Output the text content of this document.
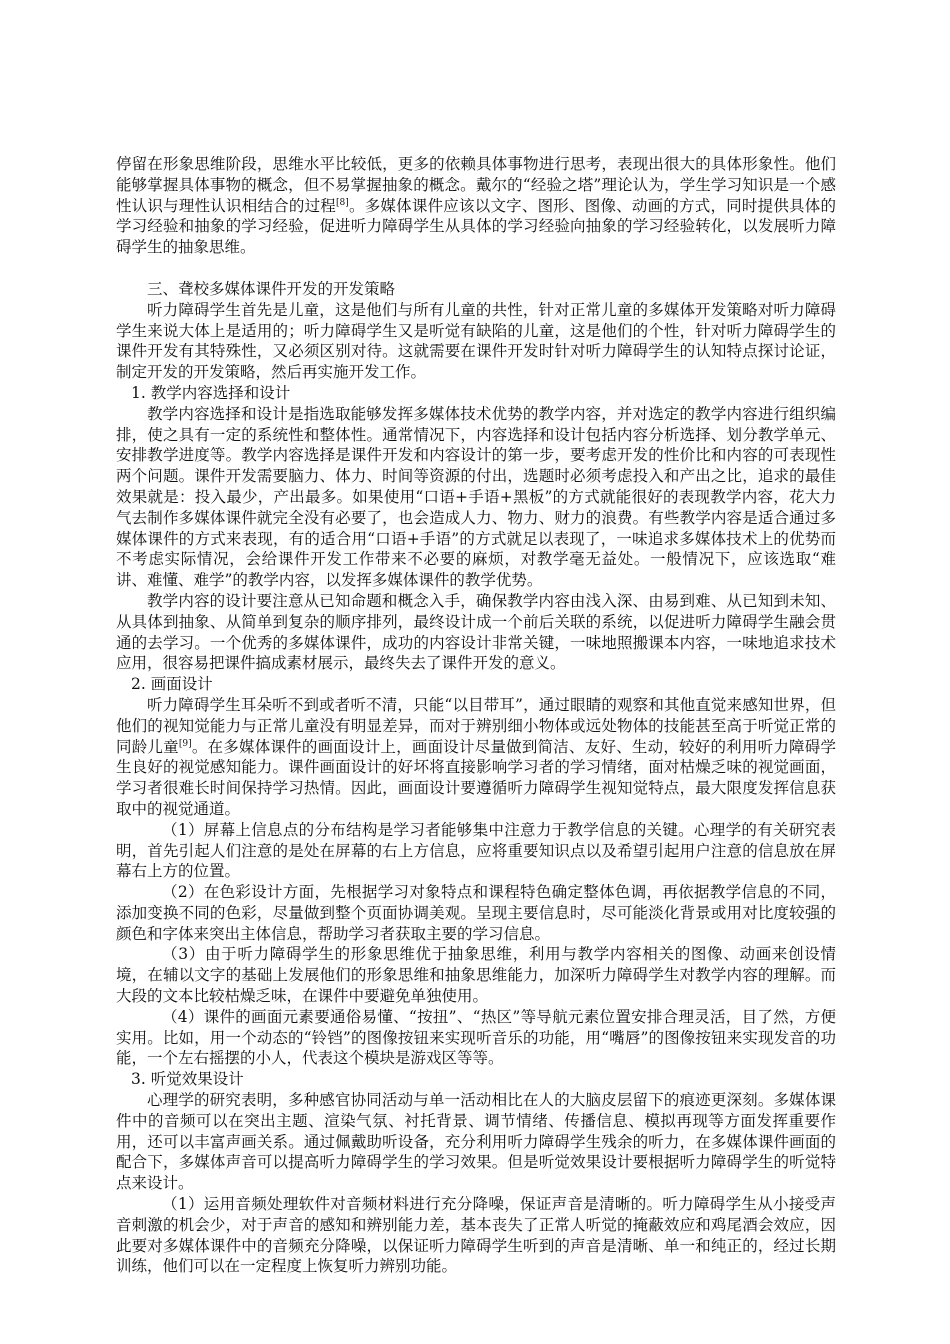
停留在形象思维阶段，思维水平比较低，更多的依赖具体事物进行思考，表现出很大的具体形象性。他们能够掌握具体事物的概念，但不易掌握抽象的概念。戴尔的“经验之塔”理论认为，学生学习知识是一个感性认识与理性认识相结合的过程[8]。多媒体课件应该以文字、图形、图像、动画的方式，同时提供具体的学习经验和抽象的学习经验，促进听力障碍学生从具体的学习经验向抽象的学习经验转化，以发展听力障碍学生的抽象思维。

三、聋校多媒体课件开发的开发策略

听力障碍学生首先是儿童，这是他们与所有儿童的共性，针对正常儿童的多媒体开发策略对听力障碍学生来说大体上是适用的；听力障碍学生又是听觉有缺陷的儿童，这是他们的个性，针对听力障碍学生的课件开发有其特殊性，又必须区别对待。这就需要在课件开发时针对听力障碍学生的认知特点探讨论证，制定开发的开发策略，然后再实施开发工作。

1. 教学内容选择和设计

教学内容选择和设计是指选取能够发挥多媒体技术优势的教学内容，并对选定的教学内容进行组织编排，使之具有一定的系统性和整体性。通常情况下，内容选择和设计包括内容分析选择、划分教学单元、安排教学进度等。教学内容选择是课件开发和内容设计的第一步，要考虑开发的性价比和内容的可表现性两个问题。课件开发需要脑力、体力、时间等资源的付出，选题时必须考虑投入和产出之比，追求的最佳效果就是：投入最少，产出最多。如果使用“口语+手语+黑板”的方式就能很好的表现教学内容，花大力气去制作多媒体课件就完全没有必要了，也会造成人力、物力、财力的浪费。有些教学内容是适合通过多媒体课件的方式来表现，有的适合用“口语+手语”的方式就足以表现了，一味追求多媒体技术上的优势而不考虑实际情况，会给课件开发工作带来不必要的麻烦，对教学毫无益处。一般情况下，应该选取“难讲、难懂、难学”的教学内容，以发挥多媒体课件的教学优势。

教学内容的设计要注意从已知命题和概念入手，确保教学内容由浅入深、由易到难、从已知到未知、从具体到抽象、从简单到复杂的顺序排列，最终设计成一个前后关联的系统，以促进听力障碍学生融会贯通的去学习。一个优秀的多媒体课件，成功的内容设计非常关键，一味地照搬课本内容，一味地追求技术应用，很容易把课件搞成素材展示，最终失去了课件开发的意义。

2. 画面设计

听力障碍学生耳朵听不到或者听不清，只能“以目带耳”，通过眼睛的观察和其他直觉来感知世界，但他们的视知觉能力与正常儿童没有明显差异，而对于辨别细小物体或远处物体的技能甚至高于听觉正常的同龄儿童[9]。在多媒体课件的画面设计上，画面设计尽量做到简洁、友好、生动，较好的利用听力障碍学生良好的视觉感知能力。课件画面设计的好坏将直接影响学习者的学习情绪，面对枯燥乏味的视觉画面，学习者很难长时间保持学习热情。因此，画面设计要遵循听力障碍学生视知觉特点，最大限度发挥信息获取中的视觉通道。

（1）屏幕上信息点的分布结构是学习者能够集中注意力于教学信息的关键。心理学的有关研究表明，首先引起人们注意的是处在屏幕的右上方信息，应将重要知识点以及希望引起用户注意的信息放在屏幕右上方的位置。

（2）在色彩设计方面，先根据学习对象特点和课程特色确定整体色调，再依据教学信息的不同，添加变换不同的色彩，尽量做到整个页面协调美观。呈现主要信息时，尽可能淡化背景或用对比度较强的颜色和字体来突出主体信息，帮助学习者获取主要的学习信息。

（3）由于听力障碍学生的形象思维优于抽象思维，利用与教学内容相关的图像、动画来创设情境，在辅以文字的基础上发展他们的形象思维和抽象思维能力，加深听力障碍学生对教学内容的理解。而大段的文本比较枯燥乏味，在课件中要避免单独使用。

（4）课件的画面元素要通俗易懂、“按扭”、“热区”等导航元素位置安排合理灵活，目了然，方便实用。比如，用一个动态的“铃铛”的图像按钮来实现听音乐的功能，用“嘴唇”的图像按钮来实现发音的功能，一个左右摇摆的小人，代表这个模块是游戏区等等。

3. 听觉效果设计

心理学的研究表明，多种感官协同活动与单一活动相比在人的大脑皮层留下的痕迹更深刻。多媒体课件中的音频可以在突出主题、渲染气氛、衬托背景、调节情绪、传播信息、模拟再现等方面发挥重要作用，还可以丰富声画关系。通过佩戴助听设备，充分利用听力障碍学生残余的听力，在多媒体课件画面的配合下，多媒体声音可以提高听力障碍学生的学习效果。但是听觉效果设计要根据听力障碍学生的听觉特点来设计。

（1）运用音频处理软件对音频材料进行充分降噪，保证声音是清晰的。听力障碍学生从小接受声音刺激的机会少，对于声音的感知和辨别能力差，基本丧失了正常人听觉的掩蔽效应和鸡尾酒会效应，因此要对多媒体课件中的音频充分降噪，以保证听力障碍学生听到的声音是清晰、单一和纯正的，经过长期训练，他们可以在一定程度上恢复听力辨别功能。
